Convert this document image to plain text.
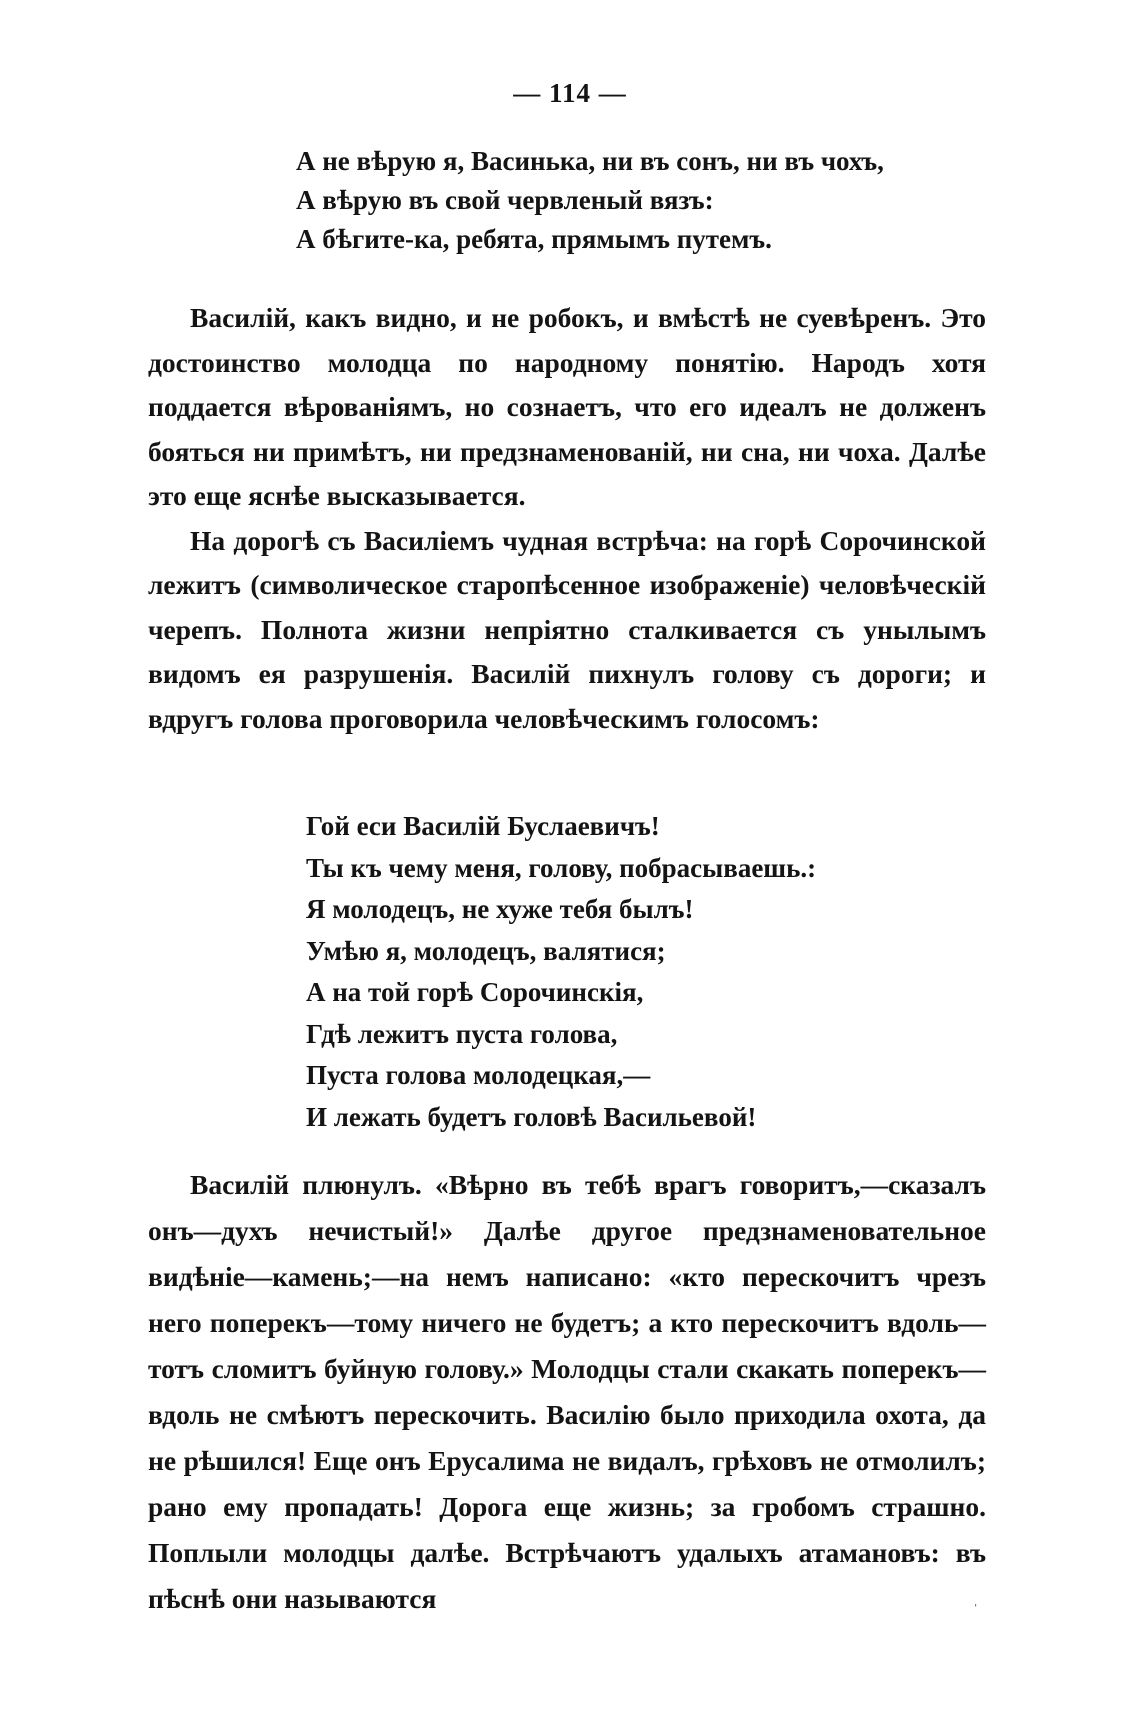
— 114 —
А не вѣрую я, Васинька, ни въ сонъ, ни въ чохъ,
А вѣрую въ свой червленый вязъ:
А бѣгите-ка, ребята, прямымъ путемъ.

Василій, какъ видно, и не робокъ, и вмѣстѣ не суевѣренъ. Это достоинство молодца по народному понятію. Народъ хотя поддается вѣрованіямъ, но сознаетъ, что его идеалъ не долженъ бояться ни примѣтъ, ни предзнаменованій, ни сна, ни чоха. Далѣе это еще яснѣе высказывается.

На дорогѣ съ Василіемъ чудная встрѣча: на горѣ Сорочинской лежитъ (символическое старопѣсенное изображеніе) человѣческій черепъ. Полнота жизни непріятно сталкивается съ унылымъ видомъ ея разрушенія. Василій пихнулъ голову съ дороги; и вдругъ голова проговорила человѣческимъ голосомъ:

Гой еси Василій Буслаевичъ!
Ты къ чему меня, голову, побрасываешь.:
Я молодецъ, не хуже тебя былъ!
Умѣю я, молодецъ, валятися;
А на той горѣ Сорочинскія,
Гдѣ лежитъ пуста голова,
Пуста голова молодецкая,—
И лежать будетъ головѣ Васильевой!

Василій плюнулъ. «Вѣрно въ тебѣ врагъ говоритъ,—сказалъ онъ—духъ нечистый!» Далѣе другое предзнаменовательное видѣніе—камень;—на немъ написано: «кто перескочитъ чрезъ него поперекъ—тому ничего не будетъ; а кто перескочитъ вдоль—тотъ сломитъ буйную голову.» Молодцы стали скакать поперекъ—вдоль не смѣютъ перескочить. Василію было приходила охота, да не рѣшился! Еще онъ Ерусалима не видалъ, грѣховъ не отмолилъ; рано ему пропадать! Дорога еще жизнь; за гробомъ страшно. Поплыли молодцы далѣе. Встрѣчаютъ удалыхъ атамановъ: въ пѣснѣ они называются	ˌ
